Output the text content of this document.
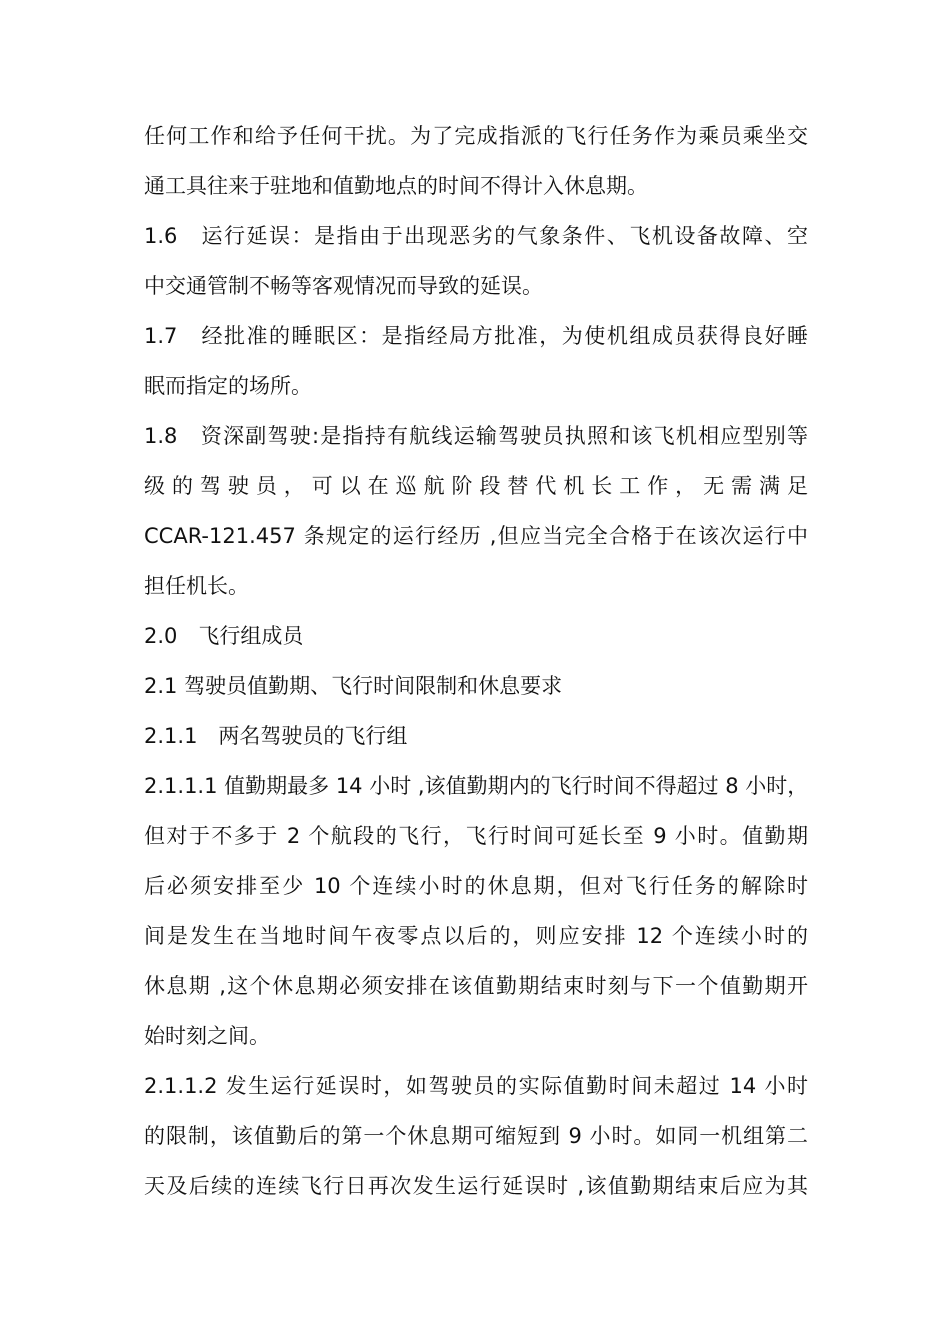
任何工作和给予任何干扰。为了完成指派的飞行任务作为乘员乘坐交
通工具往来于驻地和值勤地点的时间不得计入休息期。
1.6　运行延误：是指由于出现恶劣的气象条件、飞机设备故障、空
中交通管制不畅等客观情况而导致的延误。
1.7　经批准的睡眠区：是指经局方批准，为使机组成员获得良好睡
眠而指定的场所。
1.8　资深副驾驶:是指持有航线运输驾驶员执照和该飞机相应型别等
级 的 驾 驶 员 ， 可 以 在 巡 航 阶 段 替 代 机 长 工 作 ， 无 需 满 足
CCAR-121.457 条规定的运行经历 ,但应当完全合格于在该次运行中
担任机长。
2.0　飞行组成员
2.1 驾驶员值勤期、飞行时间限制和休息要求
2.1.1　两名驾驶员的飞行组
2.1.1.1 值勤期最多 14 小时 ,该值勤期内的飞行时间不得超过 8 小时，
但对于不多于 2 个航段的飞行，飞行时间可延长至 9 小时。值勤期
后必须安排至少 10 个连续小时的休息期，但对飞行任务的解除时
间是发生在当地时间午夜零点以后的，则应安排 12 个连续小时的
休息期 ,这个休息期必须安排在该值勤期结束时刻与下一个值勤期开
始时刻之间。
2.1.1.2 发生运行延误时，如驾驶员的实际值勤时间未超过 14 小时
的限制，该值勤后的第一个休息期可缩短到 9 小时。如同一机组第二
天及后续的连续飞行日再次发生运行延误时 ,该值勤期结束后应为其
